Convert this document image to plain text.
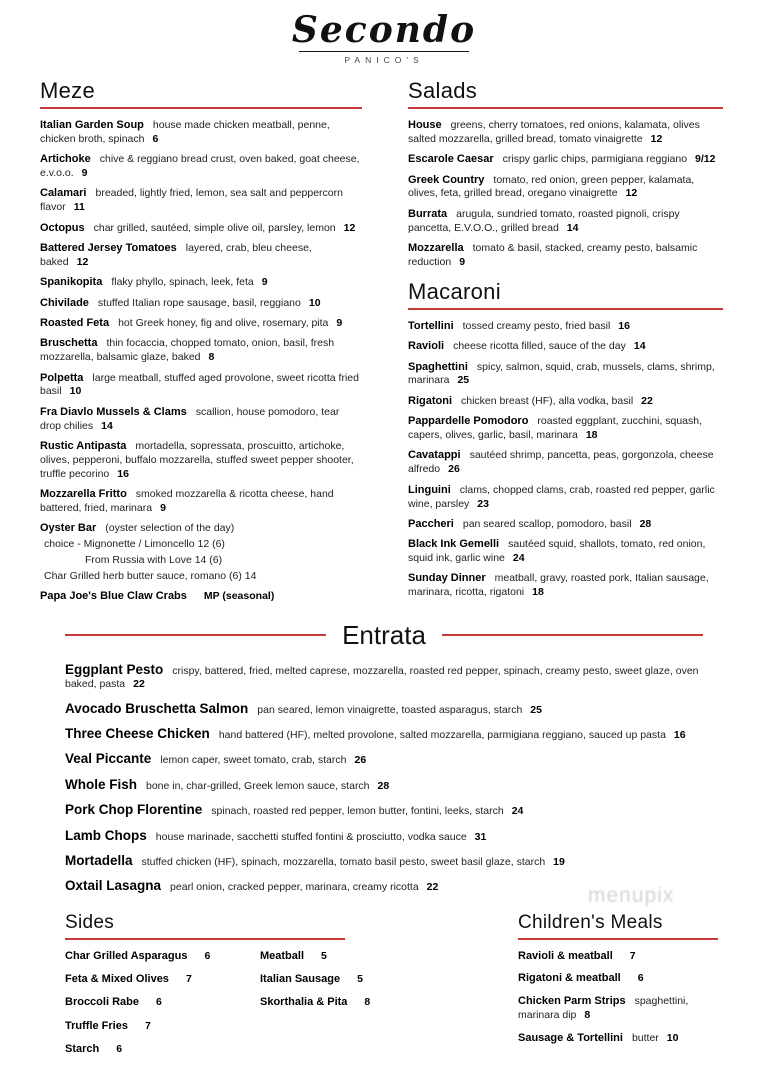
Secondo
PANICO'S
Meze
Italian Garden Soup house made chicken meatball, penne, chicken broth, spinach 6
Artichoke chive & reggiano bread crust, oven baked, goat cheese, e.v.o.o. 9
Calamari breaded, lightly fried, lemon, sea salt and peppercorn flavor 11
Octopus char grilled, sautéed, simple olive oil, parsley, lemon 12
Battered Jersey Tomatoes layered, crab, bleu cheese, baked 12
Spanikopita flaky phyllo, spinach, leek, feta 9
Chivilade stuffed Italian rope sausage, basil, reggiano 10
Roasted Feta hot Greek honey, fig and olive, rosemary, pita 9
Bruschetta thin focaccia, chopped tomato, onion, basil, fresh mozzarella, balsamic glaze, baked 8
Polpetta large meatball, stuffed aged provolone, sweet ricotta fried basil 10
Fra Diavlo Mussels & Clams scallion, house pomodoro, tear drop chilies 14
Rustic Antipasta mortadella, sopressata, proscuitto, artichoke, olives, pepperoni, buffalo mozzarella, stuffed sweet pepper shooter, truffle pecorino 16
Mozzarella Fritto smoked mozzarella & ricotta cheese, hand battered, fried, marinara 9
Oyster Bar (oyster selection of the day)
choice - Mignonette / Limoncello 12 (6)
From Russia with Love 14 (6)
Char Grilled herb butter sauce, romano (6) 14
Papa Joe's Blue Claw Crabs MP (seasonal)
Salads
House greens, cherry tomatoes, red onions, kalamata, olives salted mozzarella, grilled bread, tomato vinaigrette 12
Escarole Caesar crispy garlic chips, parmigiana reggiano 9/12
Greek Country tomato, red onion, green pepper, kalamata, olives, feta, grilled bread, oregano vinaigrette 12
Burrata arugula, sundried tomato, roasted pignoli, crispy pancetta, E.V.O.O., grilled bread 14
Mozzarella tomato & basil, stacked, creamy pesto, balsamic reduction 9
Macaroni
Tortellini tossed creamy pesto, fried basil 16
Ravioli cheese ricotta filled, sauce of the day 14
Spaghettini spicy, salmon, squid, crab, mussels, clams, shrimp, marinara 25
Rigatoni chicken breast (HF), alla vodka, basil 22
Pappardelle Pomodoro roasted eggplant, zucchini, squash, capers, olives, garlic, basil, marinara 18
Cavatappi sautéed shrimp, pancetta, peas, gorgonzola, cheese alfredo 26
Linguini clams, chopped clams, crab, roasted red pepper, garlic wine, parsley 23
Paccheri pan seared scallop, pomodoro, basil 28
Black Ink Gemelli sautéed squid, shallots, tomato, red onion, squid ink, garlic wine 24
Sunday Dinner meatball, gravy, roasted pork, Italian sausage, marinara, ricotta, rigatoni 18
Entrata
Eggplant Pesto crispy, battered, fried, melted caprese, mozzarella, roasted red pepper, spinach, creamy pesto, sweet glaze, oven baked, pasta 22
Avocado Bruschetta Salmon pan seared, lemon vinaigrette, toasted asparagus, starch 25
Three Cheese Chicken hand battered (HF), melted provolone, salted mozzarella, parmigiana reggiano, sauced up pasta 16
Veal Piccante lemon caper, sweet tomato, crab, starch 26
Whole Fish bone in, char-grilled, Greek lemon sauce, starch 28
Pork Chop Florentine spinach, roasted red pepper, lemon butter, fontini, leeks, starch 24
Lamb Chops house marinade, sacchetti stuffed fontini & prosciutto, vodka sauce 31
Mortadella stuffed chicken (HF), spinach, mozzarella, tomato basil pesto, sweet basil glaze, starch 19
Oxtail Lasagna pearl onion, cracked pepper, marinara, creamy ricotta 22
Sides
Char Grilled Asparagus 6
Feta & Mixed Olives 7
Broccoli Rabe 6
Truffle Fries 7
Starch 6
Meatball 5
Italian Sausage 5
Skorthalia & Pita 8
Children's Meals
Ravioli & meatball 7
Rigatoni & meatball 6
Chicken Parm Strips spaghettini, marinara dip 8
Sausage & Tortellini butter 10
menupix
